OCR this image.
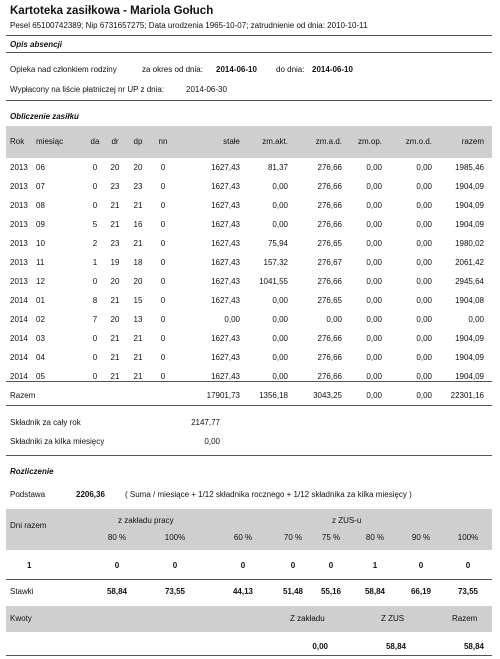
Kartoteka zasiłkowa - Mariola Gołuch
Pesel 65100742389; Nip 6731657275; Data urodzenia 1965-10-07; zatrudnienie od dnia: 2010-10-11
Opis absencji
Opieka nad członkiem rodziny	za okres od dnia: 2014-06-10 do dnia: 2014-06-10
Wypłacony na liście płatniczej nr UP z dnia:	2014-06-30
Obliczenie zasiłku
Rok	miesiąc	da	dr	dp	nn	stałe	zm.akt.	zm.a.d.	zm.op.	zm.o.d.	razem
2013	06	0	20	20	0	1627,43	81,37	276,66	0,00	0,00	1985,46
2013	07	0	23	23	0	1627,43	0,00	276,66	0,00	0,00	1904,09
2013	08	0	21	21	0	1627,43	0,00	276,66	0,00	0,00	1904,09
2013	09	5	21	16	0	1627,43	0,00	276,66	0,00	0,00	1904,09
2013	10	2	23	21	0	1627,43	75,94	276,65	0,00	0,00	1980,02
2013	11	1	19	18	0	1627,43	157,32	276,67	0,00	0,00	2061,42
2013	12	0	20	20	0	1627,43	1041,55	276,66	0,00	0,00	2945,64
2014	01	8	21	15	0	1627,43	0,00	276,65	0,00	0,00	1904,08
2014	02	7	20	13	0	0,00	0,00	0,00	0,00	0,00	0,00
2014	03	0	21	21	0	1627,43	0,00	276,66	0,00	0,00	1904,09
2014	04	0	21	21	0	1627,43	0,00	276,66	0,00	0,00	1904,09
2014	05	0	21	21	0	1627,43	0,00	276,66	0,00	0,00	1904,09
Razem	17901,73	1356,18	3043,25	0,00	0,00	22301,16
Składnik za cały rok	2147,77
Składniki za kilka miesięcy	0,00
Rozliczenie
Podstawa	2206,36	( Suma / miesiące + 1/12 składnika rocznego + 1/12 składnika za kilka miesięcy )
Dni razem
z zakładu pracy	z ZUS-u
80 %	100%	60 %	70 %	75 %	80 %	90 %	100%
1	0	0	0	0	0	1	0	0
Stawki	58,84	73,55	44,13	51,48	55,16	58,84	66,19	73,55
Kwoty	Z zakładu	Z ZUS	Razem
0,00	58,84	58,84
